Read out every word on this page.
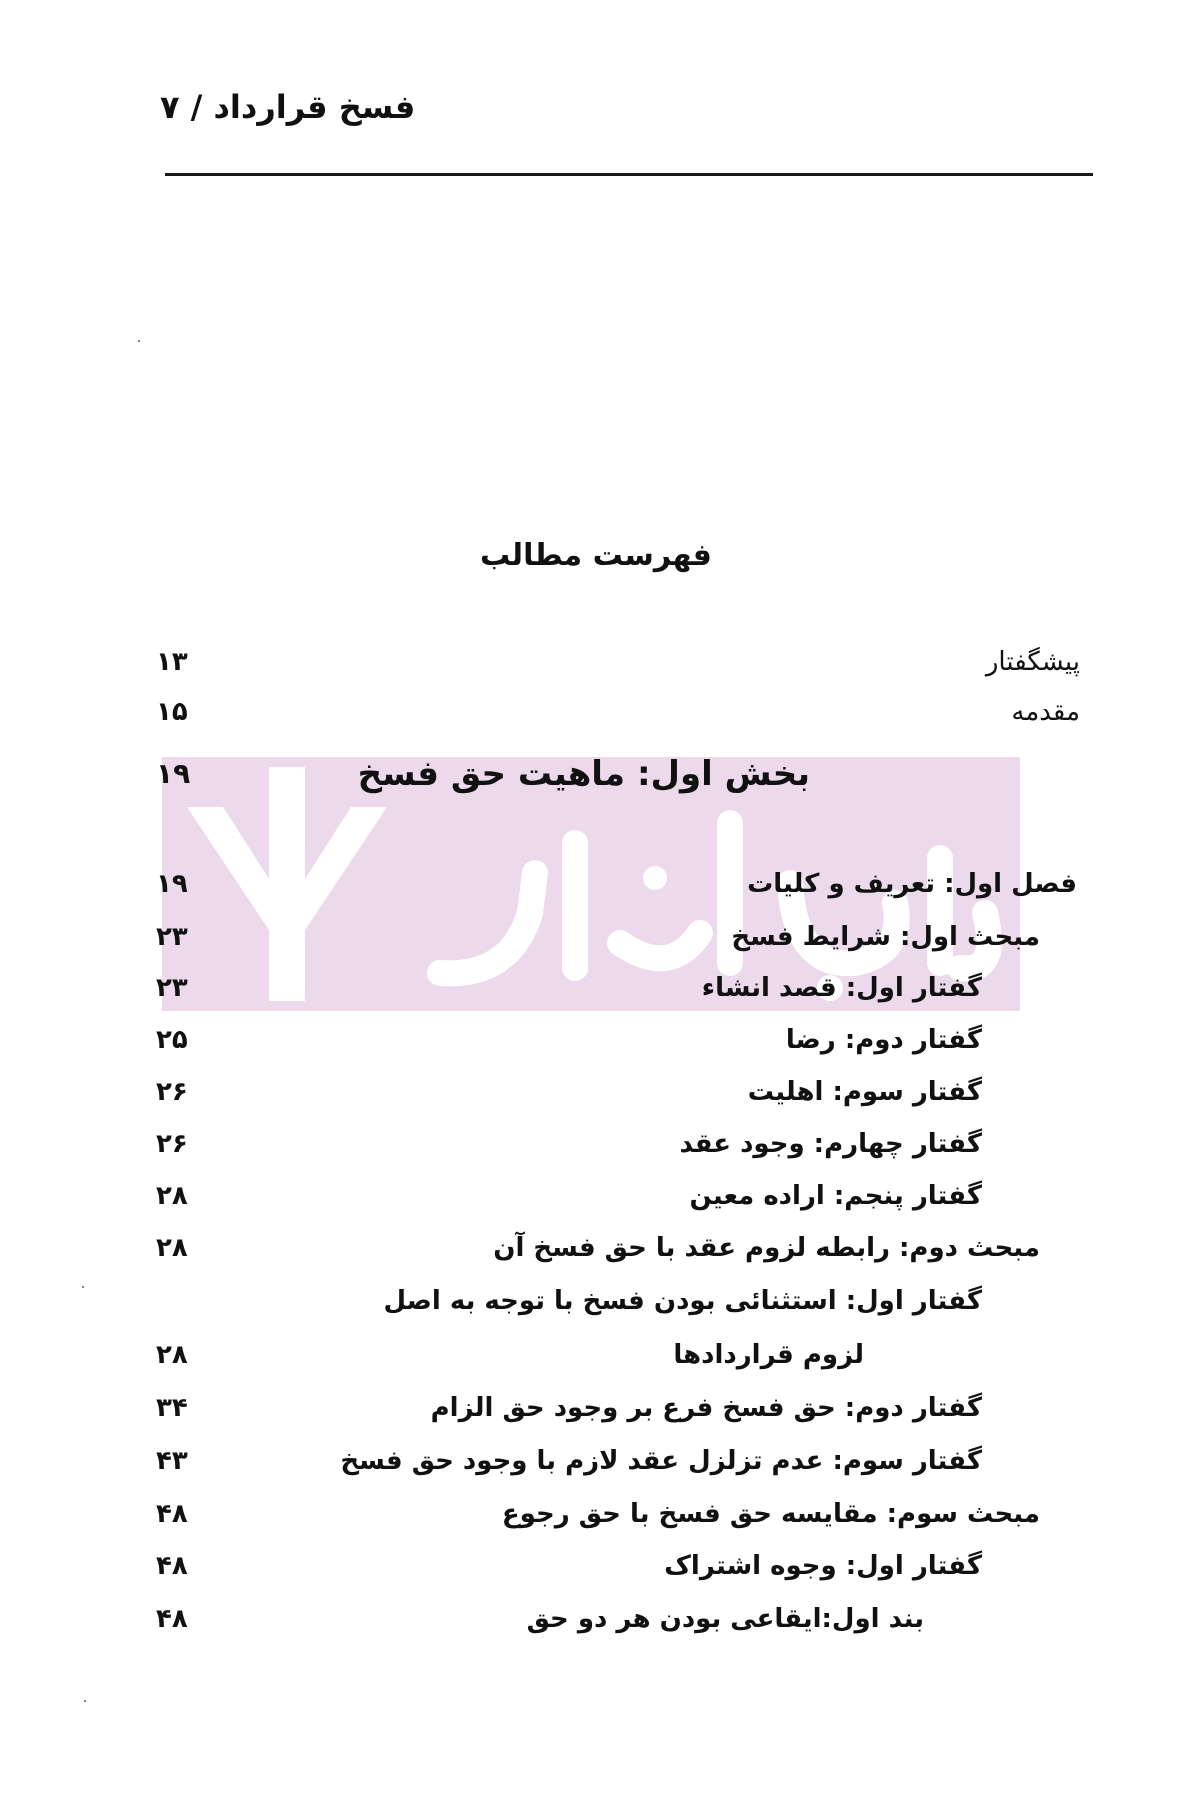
فسخ قرارداد / ۷
فهرست مطالب
پیشگفتار
۱۳
مقدمه
۱۵
بخش اول: ماهیت حق فسخ
۱۹
فصل اول: تعریف و کلیات
۱۹
مبحث اول: شرایط فسخ
۲۳
گفتار اول: قصد انشاء
۲۳
گفتار دوم: رضا
۲۵
گفتار سوم: اهلیت
۲۶
گفتار چهارم: وجود عقد
۲۶
گفتار پنجم: اراده معین
۲۸
مبحث دوم: رابطه لزوم عقد با حق فسخ آن
۲۸
گفتار اول: استثنائی بودن فسخ با توجه به اصل
لزوم قراردادها
۲۸
گفتار دوم: حق فسخ فرع بر وجود حق الزام
۳۴
گفتار سوم: عدم تزلزل عقد لازم با وجود حق فسخ
۴۳
مبحث سوم: مقایسه حق فسخ با حق رجوع
۴۸
گفتار اول: وجوه اشتراک
۴۸
بند اول:ایقاعی بودن هر دو حق
۴۸
